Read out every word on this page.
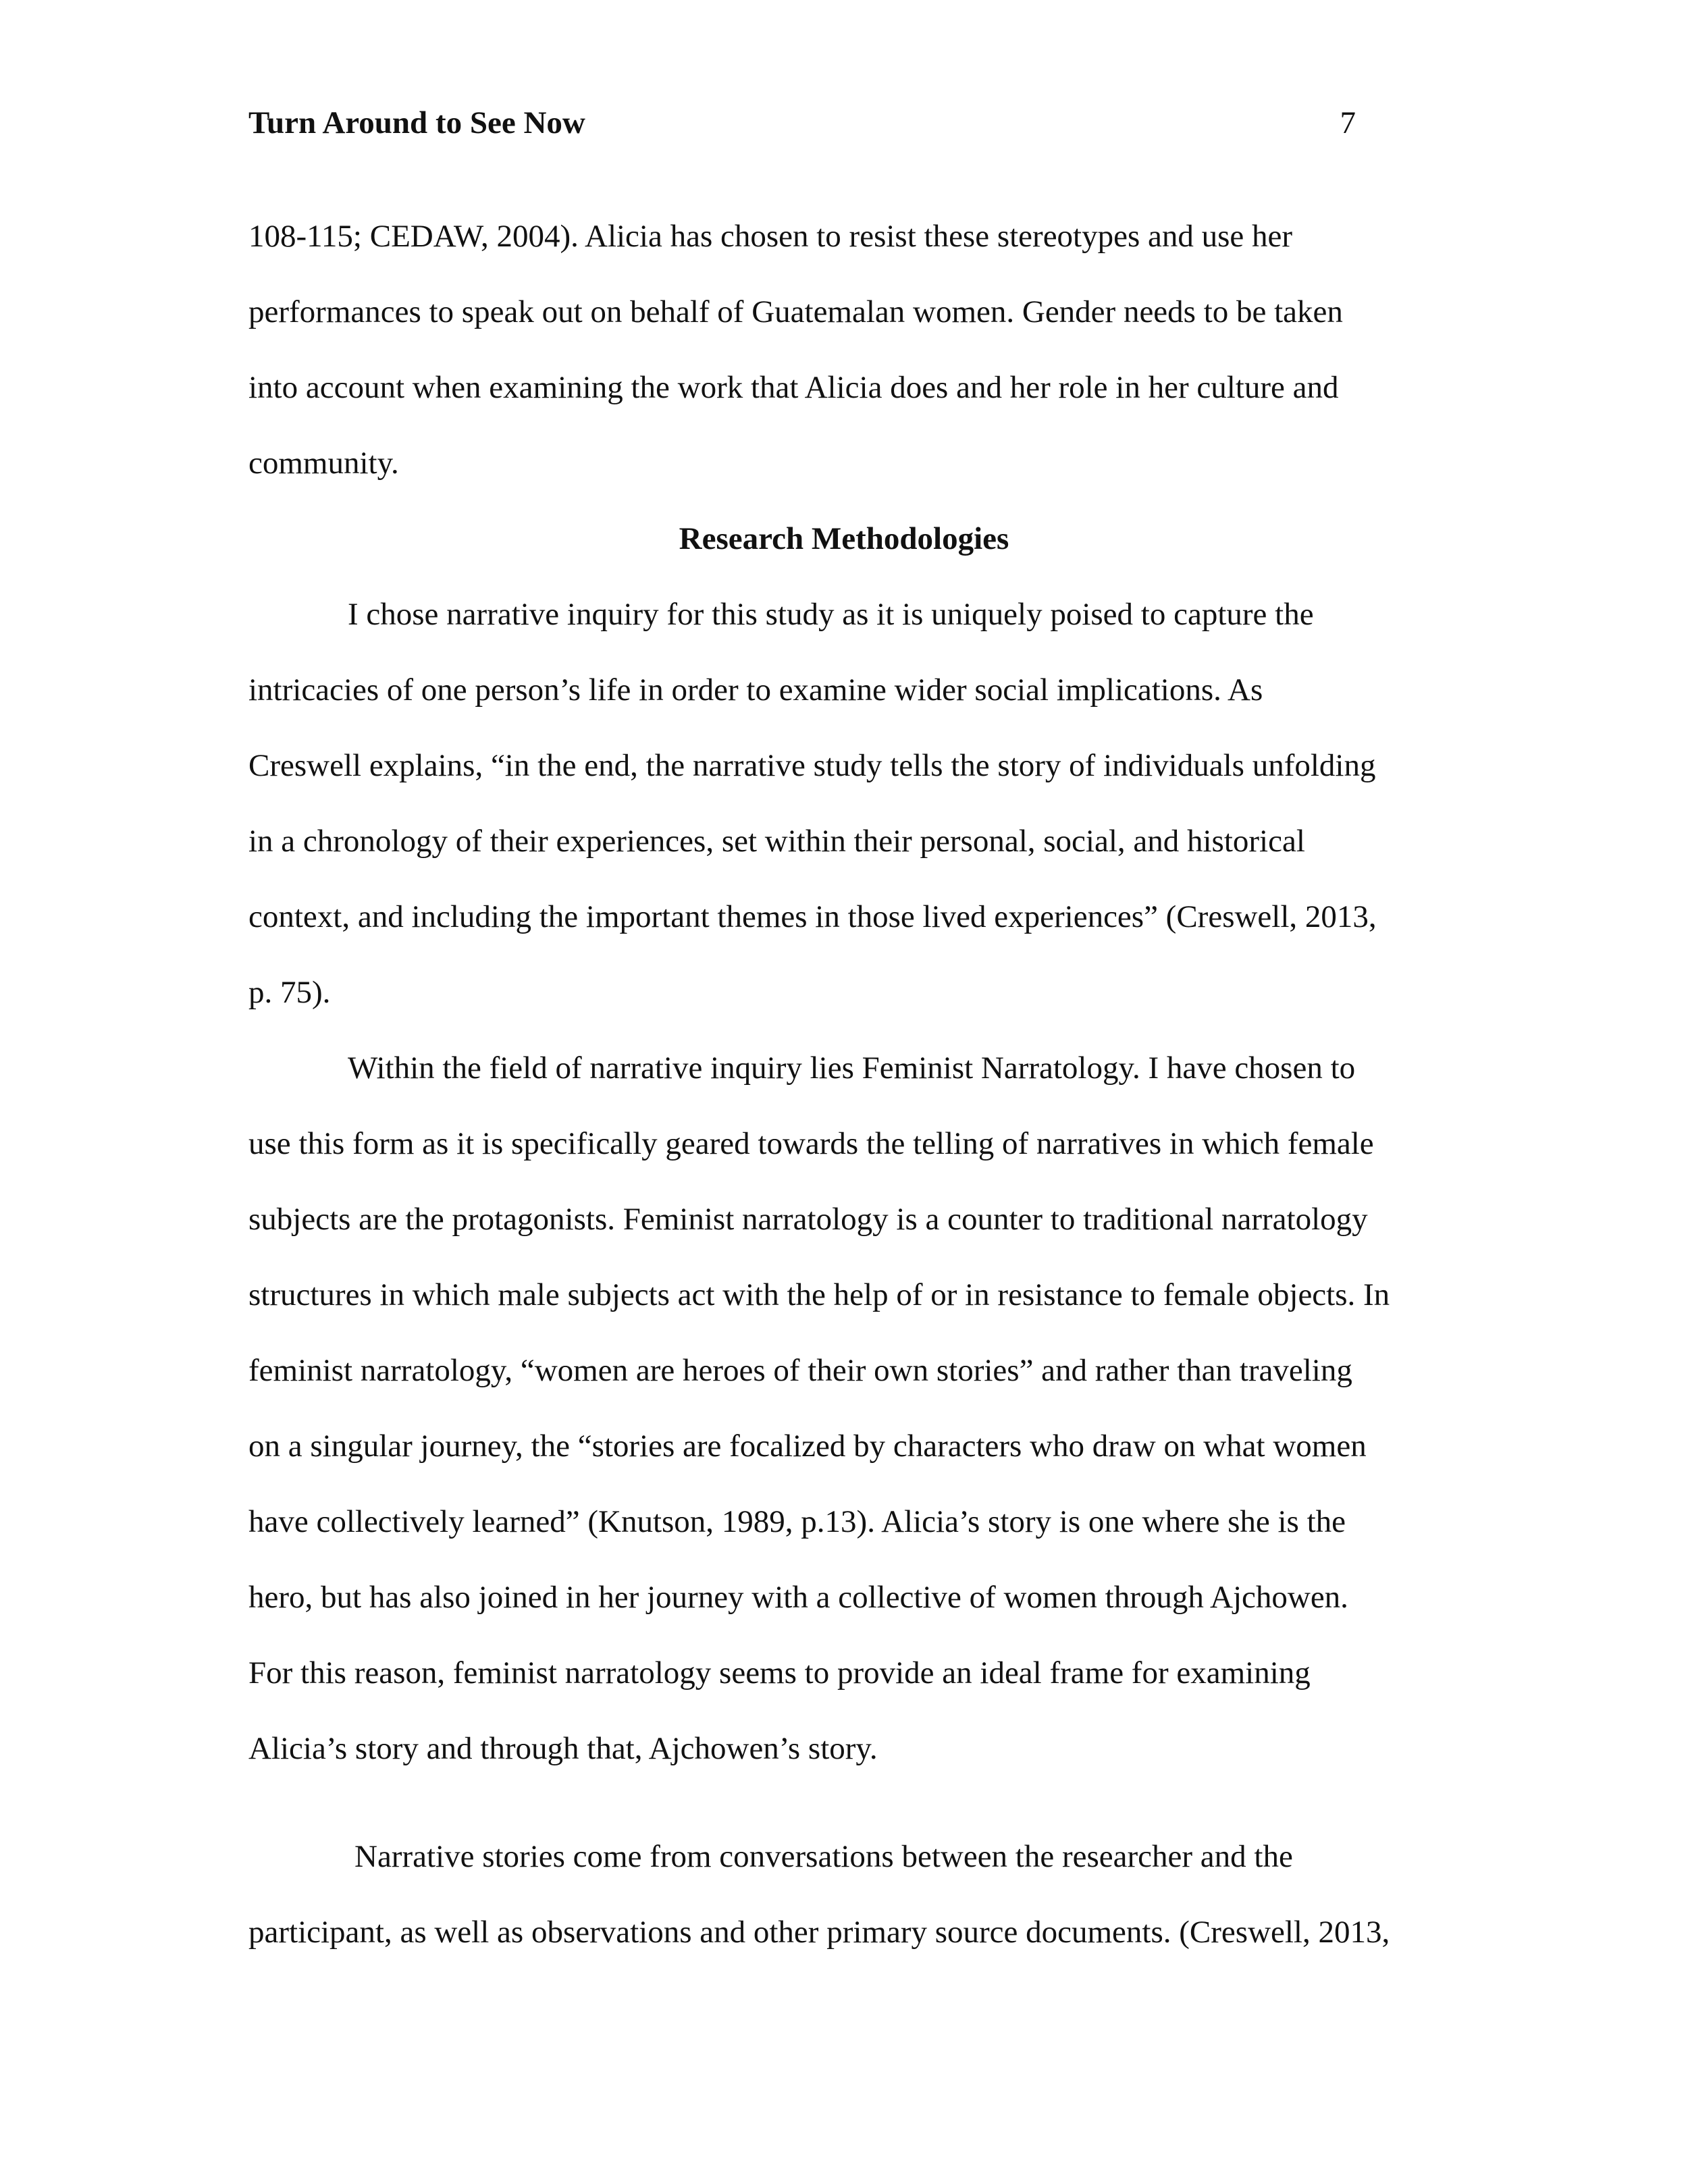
Turn Around to See Now	7
108-115; CEDAW, 2004). Alicia has chosen to resist these stereotypes and use her
performances to speak out on behalf of Guatemalan women. Gender needs to be taken
into account when examining the work that Alicia does and her role in her culture and
community.
Research Methodologies
I chose narrative inquiry for this study as it is uniquely poised to capture the
intricacies of one person’s life in order to examine wider social implications. As
Creswell explains, “in the end, the narrative study tells the story of individuals unfolding
in a chronology of their experiences, set within their personal, social, and historical
context, and including the important themes in those lived experiences” (Creswell, 2013,
p. 75).
Within the field of narrative inquiry lies Feminist Narratology. I have chosen to
use this form as it is specifically geared towards the telling of narratives in which female
subjects are the protagonists. Feminist narratology is a counter to traditional narratology
structures in which male subjects act with the help of or in resistance to female objects. In
feminist narratology, “women are heroes of their own stories” and rather than traveling
on a singular journey, the “stories are focalized by characters who draw on what women
have collectively learned” (Knutson, 1989, p.13). Alicia’s story is one where she is the
hero, but has also joined in her journey with a collective of women through Ajchowen.
For this reason, feminist narratology seems to provide an ideal frame for examining
Alicia’s story and through that, Ajchowen’s story.
Narrative stories come from conversations between the researcher and the
participant, as well as observations and other primary source documents. (Creswell, 2013,
